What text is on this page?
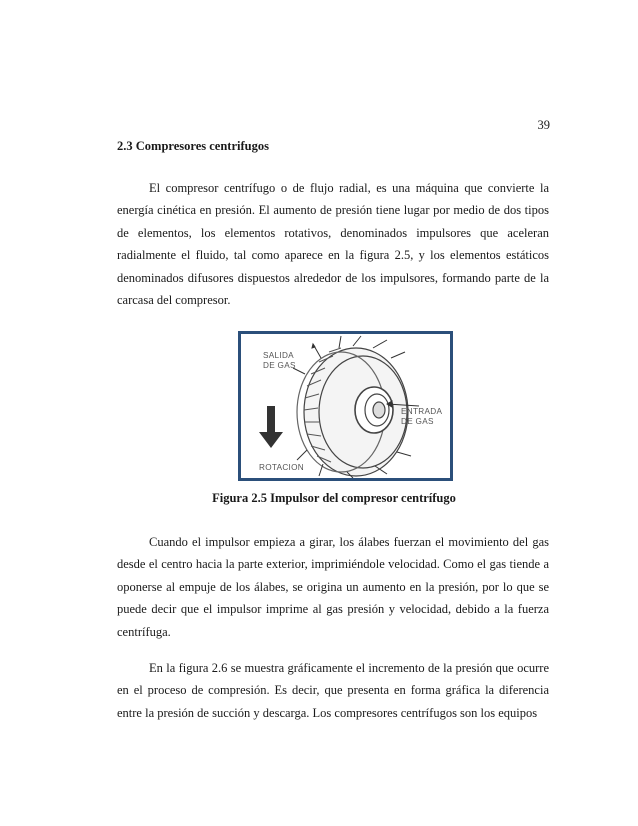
39
2.3 Compresores centrifugos

El compresor centrífugo o de flujo radial, es una máquina que convierte la energía cinética en presión. El aumento de presión tiene lugar por medio de dos tipos de elementos, los elementos rotativos, denominados impulsores que aceleran radialmente el fluido, tal como aparece en la figura 2.5, y los elementos estáticos denominados difusores dispuestos alrededor de los impulsores, formando parte de la carcasa del compresor.

SALIDA
DE GAS
ENTRADA
DE GAS
ROTACION

Figura 2.5 Impulsor del compresor centrífugo

Cuando el impulsor empieza a girar, los álabes fuerzan el movimiento del gas desde el centro hacia la parte exterior, imprimiéndole velocidad. Como el gas tiende a oponerse al empuje de los álabes, se origina un aumento en la presión, por lo que se puede decir que el impulsor imprime al gas presión y velocidad, debido a la fuerza centrífuga.

En la figura 2.6 se muestra gráficamente el incremento de la presión que ocurre en el proceso de compresión. Es decir, que presenta en forma gráfica la diferencia entre la presión de succión y descarga. Los compresores centrífugos son los equipos
